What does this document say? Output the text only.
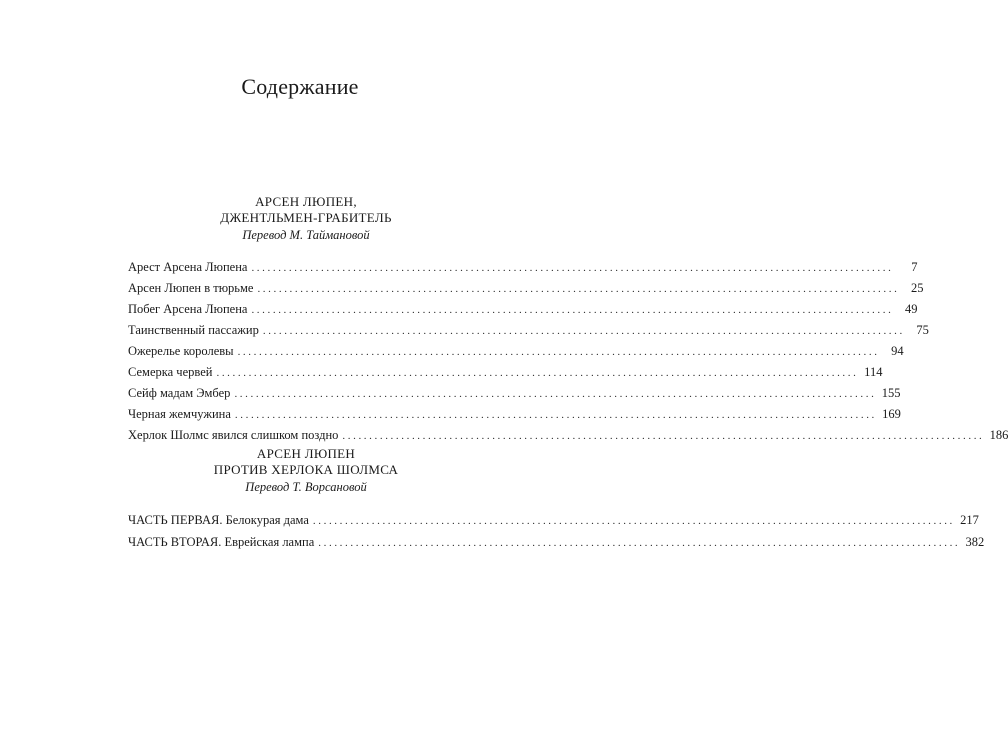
Содержание
АРСЕН ЛЮПЕН,
ДЖЕНТЛЬМЕН-ГРАБИТЕЛЬ
Перевод М. Таймановой
Арест Арсена Люпена ........................................................................................................................	7
Арсен Люпен в тюрьме ........................................................................................................................ 25
Побег Арсена Люпена ........................................................................................................................ 49
Таинственный пассажир ........................................................................................................................ 75
Ожерелье королевы ........................................................................................................................ 94
Семерка червей ........................................................................................................................ 114
Сейф мадам Эмбер ........................................................................................................................ 155
Черная жемчужина ........................................................................................................................ 169
Херлок Шолмс явился слишком поздно ........................................................................................................................ 186
АРСЕН ЛЮПЕН
ПРОТИВ ХЕРЛОКА ШОЛМСА
Перевод Т. Ворсановой
ЧАСТЬ ПЕРВАЯ. Белокурая дама ........................................................................................................................ 217
ЧАСТЬ ВТОРАЯ. Еврейская лампа ........................................................................................................................ 382
